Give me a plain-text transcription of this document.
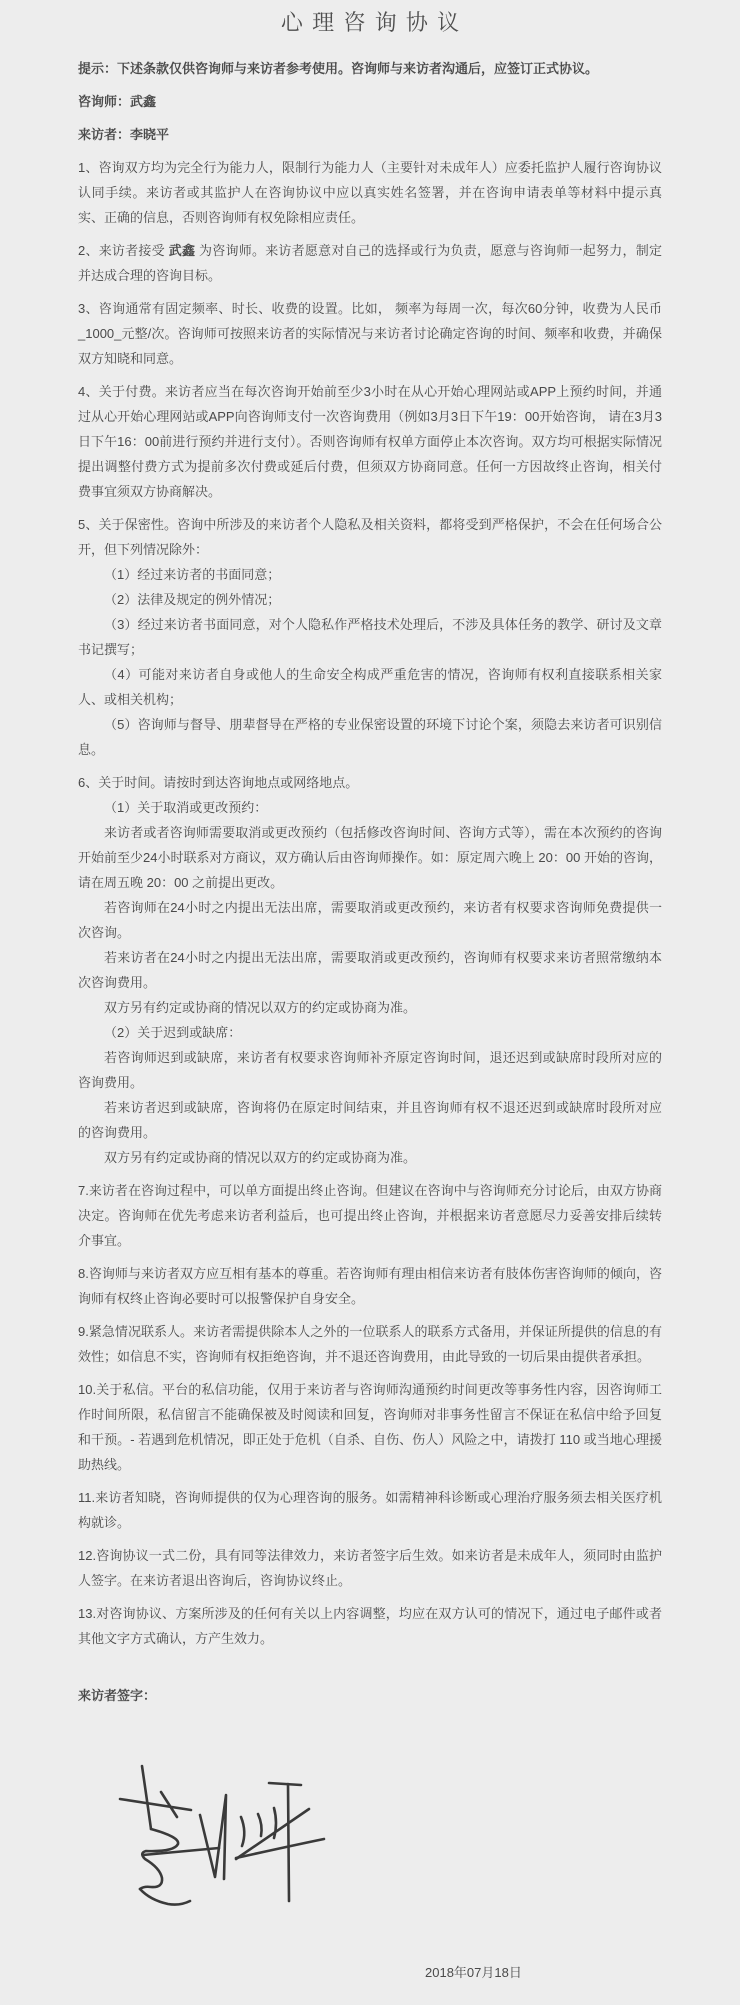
心理咨询协议

提示：下述条款仅供咨询师与来访者参考使用。咨询师与来访者沟通后，应签订正式协议。

咨询师：武鑫

来访者：李晓平

1、咨询双方均为完全行为能力人，限制行为能力人（主要针对未成年人）应委托监护人履行咨询协议认同手续。来访者或其监护人在咨询协议中应以真实姓名签署，并在咨询申请表单等材料中提示真实、正确的信息，否则咨询师有权免除相应责任。
2、来访者接受 武鑫 为咨询师。来访者愿意对自己的选择或行为负责，愿意与咨询师一起努力，制定并达成合理的咨询目标。
3、咨询通常有固定频率、时长、收费的设置。比如， 频率为每周一次，每次60分钟，收费为人民币_1000_元整/次。咨询师可按照来访者的实际情况与来访者讨论确定咨询的时间、频率和收费，并确保双方知晓和同意。
4、关于付费。来访者应当在每次咨询开始前至少3小时在从心开始心理网站或APP上预约时间，并通过从心开始心理网站或APP向咨询师支付一次咨询费用（例如3月3日下午19：00开始咨询， 请在3月3日下午16：00前进行预约并进行支付）。否则咨询师有权单方面停止本次咨询。双方均可根据实际情况提出调整付费方式为提前多次付费或延后付费，但须双方协商同意。任何一方因故终止咨询，相关付费事宜须双方协商解决。
5、关于保密性。咨询中所涉及的来访者个人隐私及相关资料，都将受到严格保护，不会在任何场合公开，但下列情况除外：
（1）经过来访者的书面同意；
（2）法律及规定的例外情况；
（3）经过来访者书面同意，对个人隐私作严格技术处理后，不涉及具体任务的教学、研讨及文章书记撰写；
（4）可能对来访者自身或他人的生命安全构成严重危害的情况，咨询师有权利直接联系相关家人、或相关机构；
（5）咨询师与督导、朋辈督导在严格的专业保密设置的环境下讨论个案，须隐去来访者可识别信息。
6、关于时间。请按时到达咨询地点或网络地点。
（1）关于取消或更改预约：
来访者或者咨询师需要取消或更改预约（包括修改咨询时间、咨询方式等），需在本次预约的咨询开始前至少24小时联系对方商议，双方确认后由咨询师操作。如：原定周六晚上 20：00 开始的咨询，请在周五晚 20：00 之前提出更改。
若咨询师在24小时之内提出无法出席，需要取消或更改预约，来访者有权要求咨询师免费提供一次咨询。
若来访者在24小时之内提出无法出席，需要取消或更改预约，咨询师有权要求来访者照常缴纳本次咨询费用。
双方另有约定或协商的情况以双方的约定或协商为准。
（2）关于迟到或缺席：
若咨询师迟到或缺席，来访者有权要求咨询师补齐原定咨询时间，退还迟到或缺席时段所对应的咨询费用。
若来访者迟到或缺席，咨询将仍在原定时间结束，并且咨询师有权不退还迟到或缺席时段所对应的咨询费用。
双方另有约定或协商的情况以双方的约定或协商为准。
7.来访者在咨询过程中，可以单方面提出终止咨询。但建议在咨询中与咨询师充分讨论后，由双方协商决定。咨询师在优先考虑来访者利益后，也可提出终止咨询，并根据来访者意愿尽力妥善安排后续转介事宜。
8.咨询师与来访者双方应互相有基本的尊重。若咨询师有理由相信来访者有肢体伤害咨询师的倾向，咨询师有权终止咨询必要时可以报警保护自身安全。
9.紧急情况联系人。来访者需提供除本人之外的一位联系人的联系方式备用，并保证所提供的信息的有效性；如信息不实，咨询师有权拒绝咨询，并不退还咨询费用，由此导致的一切后果由提供者承担。
10.关于私信。平台的私信功能，仅用于来访者与咨询师沟通预约时间更改等事务性内容，因咨询师工作时间所限，私信留言不能确保被及时阅读和回复，咨询师对非事务性留言不保证在私信中给予回复和干预。- 若遇到危机情况，即正处于危机（自杀、自伤、伤人）风险之中，请拨打 110 或当地心理援助热线。
11.来访者知晓，咨询师提供的仅为心理咨询的服务。如需精神科诊断或心理治疗服务须去相关医疗机构就诊。
12.咨询协议一式二份，具有同等法律效力，来访者签字后生效。如来访者是未成年人，须同时由监护人签字。在来访者退出咨询后，咨询协议终止。
13.对咨询协议、方案所涉及的任何有关以上内容调整，均应在双方认可的情况下，通过电子邮件或者其他文字方式确认，方产生效力。

来访者签字：

2018年07月18日
